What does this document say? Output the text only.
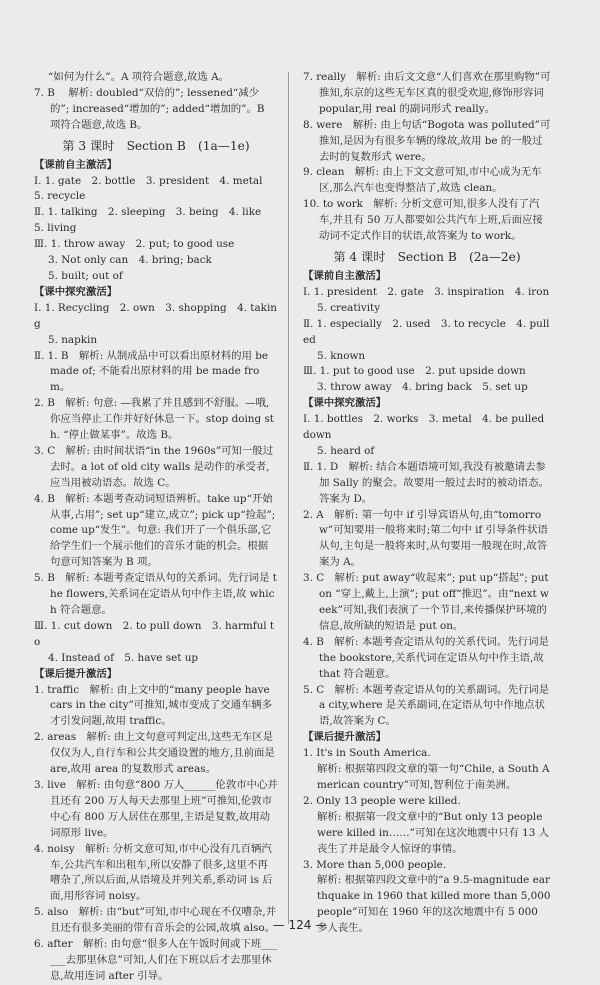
“如何为什么”。A 项符合题意,故选 A。

7. B　 解析: doubled“双倍的”; lessened“减少的”; increased“增加的”; added“增加的”。B 项符合题意,故选 B。

第 3 课时　Section B　(1a—1e)

【课前自主激活】

Ⅰ. 1. gate　2. bottle　3. president　4. metal　5. recycle

Ⅱ. 1. talking　2. sleeping　3. being　4. like　5. living

Ⅲ. 1. throw away　2. put; to good use

3. Not only can　4. bring; back

5. built; out of

【课中探究激活】

Ⅰ. 1. Recycling　2. own　3. shopping　4. taking

5. napkin

Ⅱ. 1. B　解析: 从制成品中可以看出原材料的用 be made of; 不能看出原材料的用 be made from。

2. B　解析: 句意: —我累了并且感到不舒服。—哦,你应当停止工作并好好休息一下。stop doing sth. “停止做某事”。故选 B。

3. C　解析: 由时间状语“in the 1960s”可知一般过去时。a lot of old city walls 是动作的承受者,应当用被动语态。故选 C。

4. B　解析: 本题考查动词短语辨析。take up“开始从事,占用”; set up“建立,成立”; pick up“捡起”; come up“发生”。句意: 我们开了一个俱乐部,它给学生们一个展示他们的音乐才能的机会。根据句意可知答案为 B 项。

5. B　解析: 本题考查定语从句的关系词。先行词是 the flowers,关系词在定语从句中作主语,故 which 符合题意。

Ⅲ. 1. cut down　2. to pull down　3. harmful to

4. Instead of　5. have set up

【课后提升激活】

1. traffic　解析: 由上文中的“many people have cars in the city”可推知,城市变成了交通车辆多才引发问题,故用 traffic。

2. areas　解析: 由上文句意可判定出,这些无车区是仅仅为人,自行车和公共交通设置的地方,且前面是 are,故用 area 的复数形式 areas。

3. live　解析: 由句意“800 万人______伦敦市中心并且还有 200 万人每天去那里上班”可推知,伦敦市中心有 800 万人居住在那里,主语是复数,故用动词原形 live。

4. noisy　解析: 分析文意可知,市中心没有几百辆汽车,公共汽车和出租车,所以安静了很多,这里不再嘈杂了,所以后面,从语境及并列关系,系动词 is 后面,用形容词 noisy。

5. also　解析: 由“but”可知,市中心现在不仅嘈杂,并且还有很多美丽的带有音乐会的公园,故填 also。

6. after　解析: 由句意“很多人在午饭时间或下班______去那里休息”可知,人们在下班以后才去那里休息,故用连词 after 引导。

7. really　解析: 由后文文意“人们喜欢在那里购物”可推知,东京的这些无车区真的很受欢迎,修饰形容词 popular,用 real 的副词形式 really。

8. were　解析: 由上句话“Bogota was polluted”可推知,是因为有很多车辆的缘故,故用 be 的一般过去时的复数形式 were。

9. clean　解析: 由上下文文意可知,市中心成为无车区,那么汽车也变得整洁了,故选 clean。

10. to work　解析: 分析文意可知,很多人没有了汽车,并且有 50 万人都要如公共汽车上班,后面应接动词不定式作目的状语,故答案为 to work。

第 4 课时　Section B　(2a—2e)

【课前自主激活】

Ⅰ. 1. president　2. gate　3. inspiration　4. iron

5. creativity

Ⅱ. 1. especially　2. used　3. to recycle　4. pulled

5. known

Ⅲ. 1. put to good use　2. put upside down

3. throw away　4. bring back　5. set up

【课中探究激活】

Ⅰ. 1. bottles　2. works　3. metal　4. be pulled down

5. heard of

Ⅱ. 1. D　解析: 结合本题语境可知,我没有被邀请去参加 Sally 的聚会。故要用一般过去时的被动语态。答案为 D。

2. A　解析: 第一句中 if 引导宾语从句,由“tomorrow”可知要用一般将来时;第二句中 if 引导条件状语从句,主句是一般将来时,从句要用一般现在时,故答案为 A。

3. C　解析: put away“收起来”; put up“搭起”; put on “穿上,戴上,上演”; put off“推迟”。由“next week”可知,我们表演了一个节目,来传播保护环境的信息,故所缺的短语是 put on。

4. B　解析: 本题考查定语从句的关系代词。先行词是 the bookstore,关系代词在定语从句中作主语,故 that 符合题意。

5. C　解析: 本题考查定语从句的关系副词。先行词是 a city,where 是关系副词,在定语从句中作地点状语,故答案为 C。

【课后提升激活】

1. It's in South America.

解析: 根据第四段文章的第一句“Chile, a South American country”可知,智利位于南美洲。

2. Only 13 people were killed.

解析: 根据第一段文章中的“But only 13 people were killed in……”可知在这次地震中只有 13 人丧生了并是最令人惊讶的事情。

3. More than 5,000 people.

解析: 根据第四段文章中的“a 9.5-magnitude earthquake in 1960 that killed more than 5,000 people”可知在 1960 年的这次地震中有 5 000 多人丧生。

— 124 —
